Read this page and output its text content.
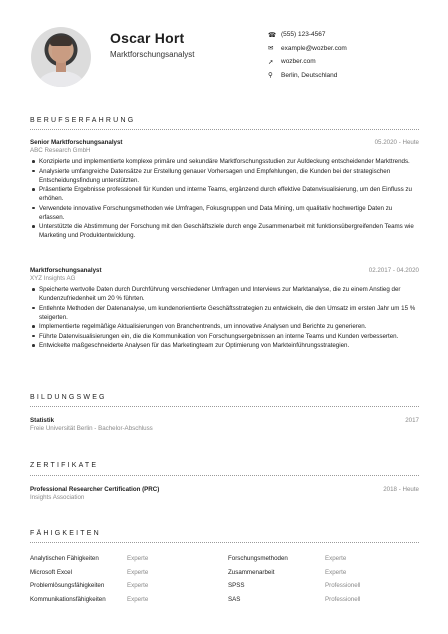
Oscar Hort
Marktforschungsanalyst
☎ (555) 123-4567
✉	example@wozber.com
➚	wozber.com
⚲	Berlin, Deutschland
BERUFSERFAHRUNG
Senior Marktforschungsanalyst	05.2020 - Heute
ABC Research GmbH
Konzipierte und implementierte komplexe primäre und sekundäre Marktforschungsstudien zur Aufdeckung entscheidender Markttrends.
Analysierte umfangreiche Datensätze zur Erstellung genauer Vorhersagen und Empfehlungen, die Kunden bei der strategischen Entscheidungsfindung unterstützten.
Präsentierte Ergebnisse professionell für Kunden und interne Teams, ergänzend durch effektive Datenvisualisierung, um den Einfluss zu erhöhen.
Verwendete innovative Forschungsmethoden wie Umfragen, Fokusgruppen und Data Mining, um qualitativ hochwertige Daten zu erfassen.
Unterstützte die Abstimmung der Forschung mit den Geschäftsziele durch enge Zusammenarbeit mit funktionsübergreifenden Teams wie Marketing und Produktentwicklung.
Marktforschungsanalyst	02.2017 - 04.2020
XYZ Insights AG
Speicherte wertvolle Daten durch Durchführung verschiedener Umfragen und Interviews zur Marktanalyse, die zu einem Anstieg der Kundenzufriedenheit um 20 % führten.
Entlehnte Methoden der Datenanalyse, um kundenorientierte Geschäftsstrategien zu entwickeln, die den Umsatz im ersten Jahr um 15 % steigerten.
Implementierte regelmäßige Aktualisierungen von Branchentrends, um innovative Analysen und Berichte zu generieren.
Führte Datenvisualisierungen ein, die die Kommunikation von Forschungsergebnissen an interne Teams und Kunden verbesserten.
Entwickelte maßgeschneiderte Analysen für das Marketingteam zur Optimierung von Markteinführungsstrategien.
BILDUNGSWEG
Statistik	2017
Freie Universität Berlin - Bachelor-Abschluss
ZERTIFIKATE
Professional Researcher Certification (PRC)	2018 - Heute
Insights Association
FÄHIGKEITEN
Analytischen Fähigkeiten	Experte	Forschungsmethoden	Experte
Microsoft Excel	Experte	Zusammenarbeit	Experte
Problemlösungsfähigkeiten	Experte	SPSS	Professionell
Kommunikationsfähigkeiten	Experte	SAS	Professionell
